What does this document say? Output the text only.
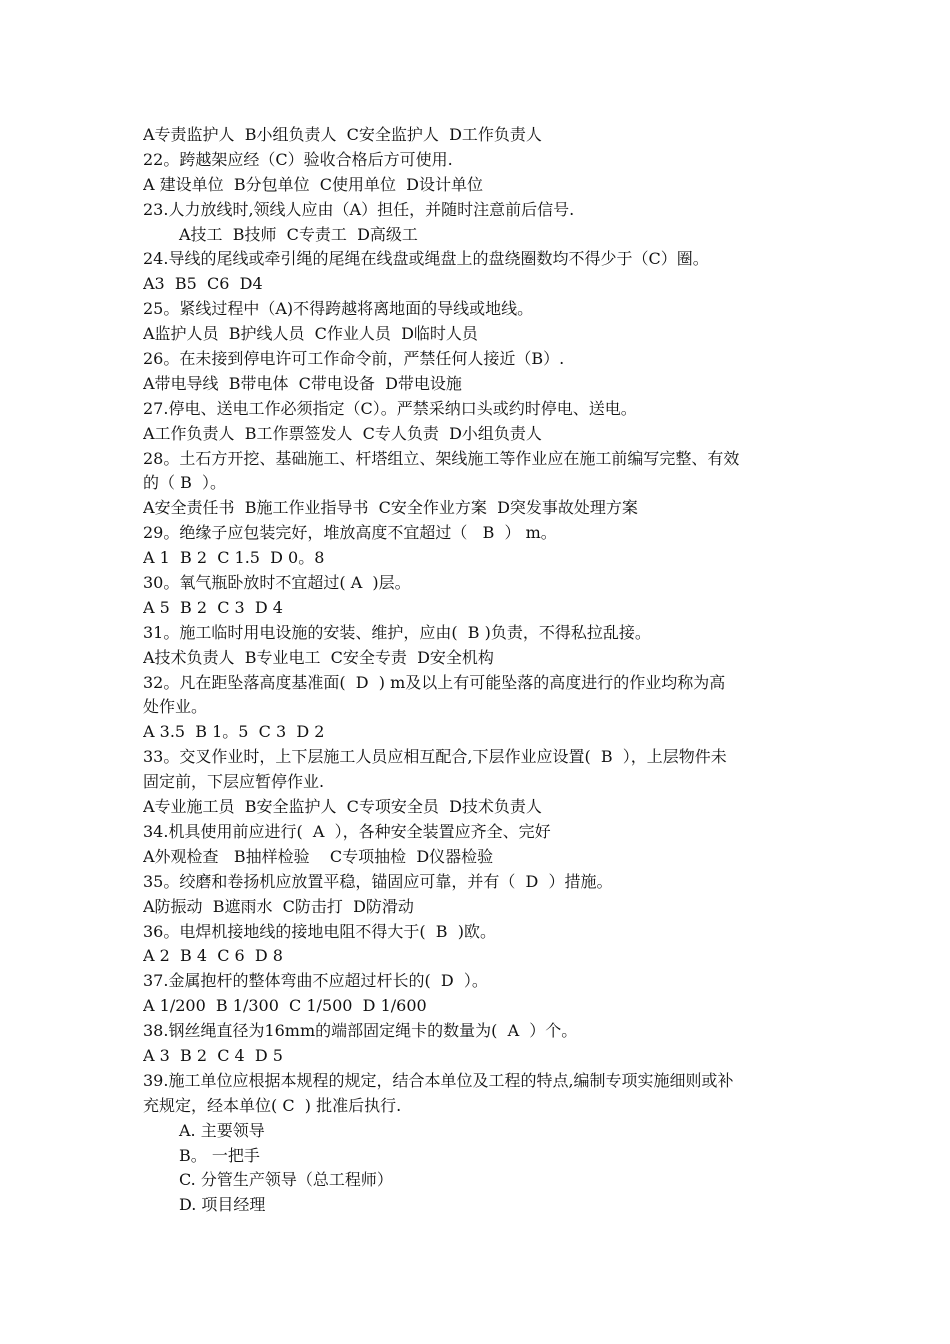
A专责监护人  B小组负责人  C安全监护人  D工作负责人
22。跨越架应经（C）验收合格后方可使用.
A 建设单位  B分包单位  C使用单位  D设计单位
23.人力放线时,领线人应由（A）担任，并随时注意前后信号.
A技工  B技师  C专责工  D高级工
24.导线的尾线或牵引绳的尾绳在线盘或绳盘上的盘绕圈数均不得少于（C）圈。
A3  B5  C6  D4
25。紧线过程中（A)不得跨越将离地面的导线或地线。
A监护人员  B护线人员  C作业人员  D临时人员
26。在未接到停电许可工作命令前，严禁任何人接近（B）.
A带电导线  B带电体  C带电设备  D带电设施
27.停电、送电工作必须指定（C）。严禁采纳口头或约时停电、送电。
A工作负责人  B工作票签发人  C专人负责  D小组负责人
28。土石方开挖、基础施工、杆塔组立、架线施工等作业应在施工前编写完整、有效
的（ B  ）。
A安全责任书  B施工作业指导书  C安全作业方案  D突发事故处理方案
29。绝缘子应包装完好，堆放高度不宜超过（   B  ） m。
A 1  B 2  C 1.5  D 0。8
30。氧气瓶卧放时不宜超过( A  )层。
A 5  B 2  C 3  D 4
31。施工临时用电设施的安装、维护，应由(  B )负责，不得私拉乱接。
A技术负责人  B专业电工  C安全专责  D安全机构
32。凡在距坠落高度基准面(  D  ) m及以上有可能坠落的高度进行的作业均称为高
处作业。
A 3.5  B 1。5  C 3  D 2
33。交叉作业时，上下层施工人员应相互配合,下层作业应设置(  B  ），上层物件未
固定前，下层应暂停作业.
A专业施工员  B安全监护人  C专项安全员  D技术负责人
34.机具使用前应进行(  A  ），各种安全装置应齐全、完好
A外观检查   B抽样检验    C专项抽检  D仪器检验
35。绞磨和卷扬机应放置平稳，锚固应可靠，并有（  D  ）措施。
A防振动  B遮雨水  C防击打  D防滑动
36。电焊机接地线的接地电阻不得大于(  B  )欧。
A 2  B 4  C 6  D 8
37.金属抱杆的整体弯曲不应超过杆长的(  D  ）。
A 1/200  B 1/300  C 1/500  D 1/600
38.钢丝绳直径为16mm的端部固定绳卡的数量为(  A  ）个。
A 3  B 2  C 4  D 5
39.施工单位应根据本规程的规定，结合本单位及工程的特点,编制专项实施细则或补
充规定，经本单位( C  ) 批准后执行.
A. 主要领导
B。 一把手
C. 分管生产领导（总工程师）
D. 项目经理
